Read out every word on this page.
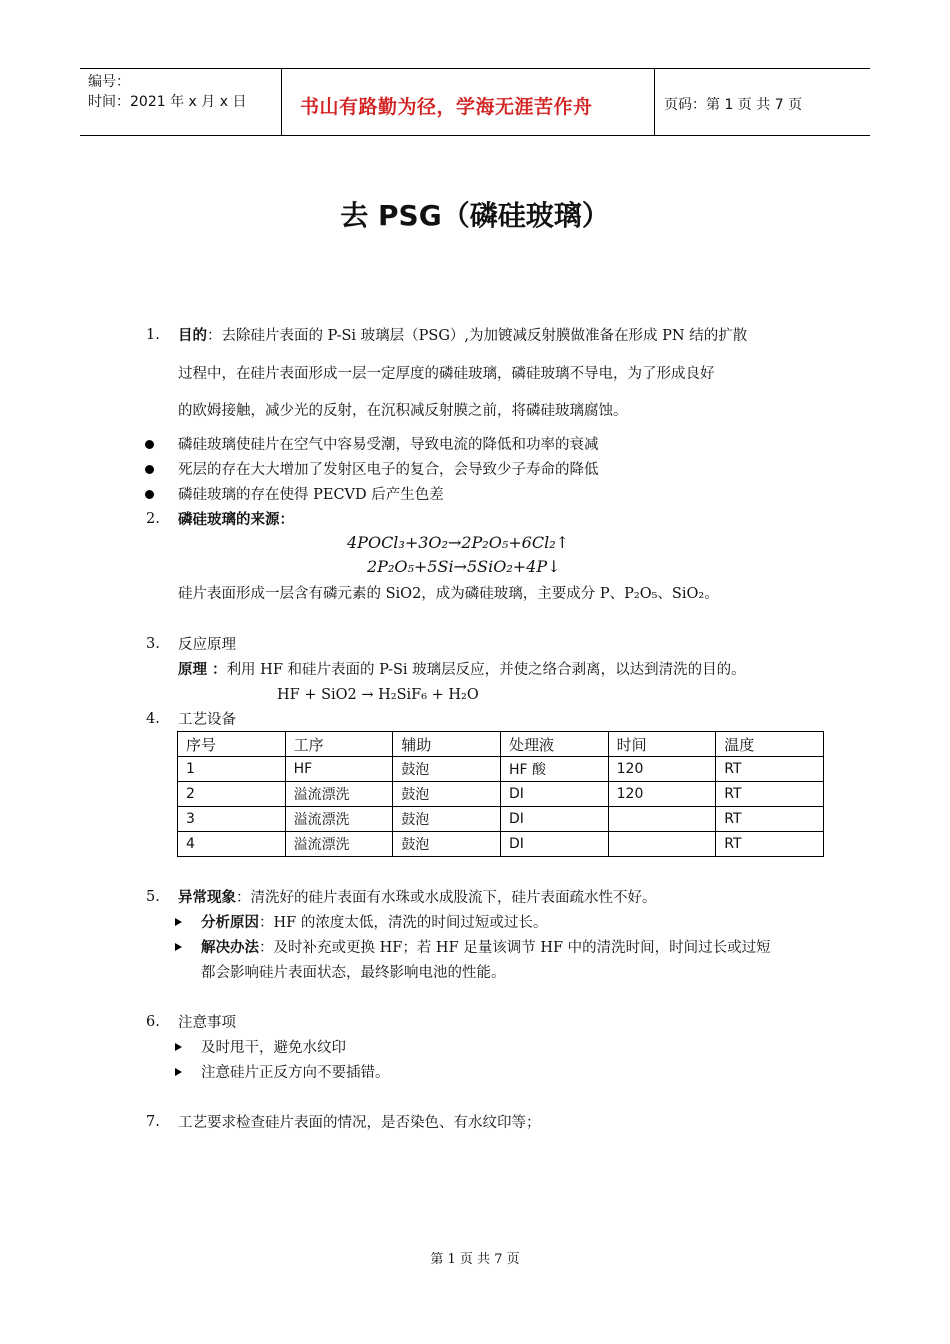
编号：
时间：2021 年 x 月 x 日	书山有路勤为径，学海无涯苦作舟	页码：第 1 页 共 7 页
去 PSG（磷硅玻璃）
1. 目的：去除硅片表面的 P-Si 玻璃层（PSG）,为加镀减反射膜做准备在形成 PN 结的扩散
过程中，在硅片表面形成一层一定厚度的磷硅玻璃，磷硅玻璃不导电，为了形成良好
的欧姆接触，减少光的反射，在沉积减反射膜之前，将磷硅玻璃腐蚀。
磷硅玻璃使硅片在空气中容易受潮，导致电流的降低和功率的衰减
死层的存在大大增加了发射区电子的复合，会导致少子寿命的降低
磷硅玻璃的存在使得 PECVD 后产生色差
2. 磷硅玻璃的来源：
4POCl₃+3O₂→2P₂O₅+6Cl₂↑
2P₂O₅+5Si→5SiO₂+4P↓
硅片表面形成一层含有磷元素的 SiO2，成为磷硅玻璃，主要成分 P、P₂O₅、SiO₂。
3. 反应原理
原理 ：利用 HF 和硅片表面的 P-Si 玻璃层反应，并使之络合剥离，以达到清洗的目的。
HF + SiO2 → H₂SiF₆ + H₂O
4. 工艺设备
序号	工序	辅助	处理液	时间	温度
1	HF	鼓泡	HF 酸	120	RT
2	溢流漂洗	鼓泡	DI	120	RT
3	溢流漂洗	鼓泡	DI		RT
4	溢流漂洗	鼓泡	DI		RT
5. 异常现象：清洗好的硅片表面有水珠或水成股流下，硅片表面疏水性不好。
分析原因：HF 的浓度太低，清洗的时间过短或过长。
解决办法：及时补充或更换 HF；若 HF 足量该调节 HF 中的清洗时间，时间过长或过短
都会影响硅片表面状态，最终影响电池的性能。
6. 注意事项
及时甩干，避免水纹印
注意硅片正反方向不要插错。
7. 工艺要求检查硅片表面的情况，是否染色、有水纹印等；
第 1 页 共 7 页
